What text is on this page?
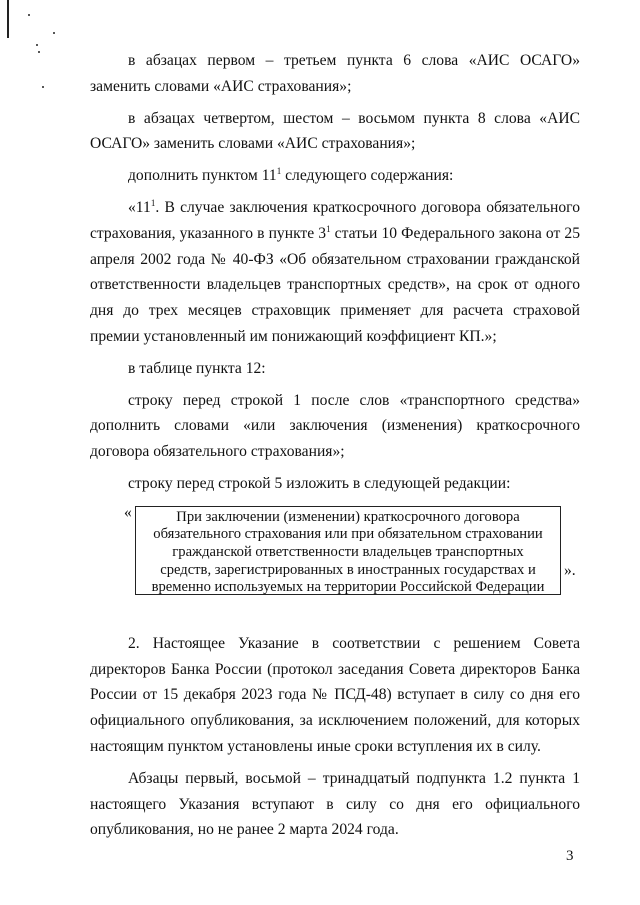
в абзацах первом – третьем пункта 6 слова «АИС ОСАГО» заменить словами «АИС страхования»;

в абзацах четвертом, шестом – восьмом пункта 8 слова «АИС ОСАГО» заменить словами «АИС страхования»;

дополнить пунктом $11^1$ следующего содержания:

«$11^1$. В случае заключения краткосрочного договора обязательного страхования, указанного в пункте $3^1$ статьи 10 Федерального закона от 25 апреля 2002 года № 40-ФЗ «Об обязательном страховании гражданской ответственности владельцев транспортных средств», на срок от одного дня до трех месяцев страховщик применяет для расчета страховой премии установленный им понижающий коэффициент КП.»;

в таблице пункта 12:

строку перед строкой 1 после слов «транспортного средства» дополнить словами «или заключения (изменения) краткосрочного договора обязательного страхования»;

строку перед строкой 5 изложить в следующей редакции:

«	При заключении (изменении) краткосрочного договора
обязательного страхования или при обязательном страховании
гражданской ответственности владельцев транспортных
средств, зарегистрированных в иностранных государствах и
временно используемых на территории Российской Федерации
».

2. Настоящее Указание в соответствии с решением Совета директоров Банка России (протокол заседания Совета директоров Банка России от 15 декабря 2023 года № ПСД-48) вступает в силу со дня его официального опубликования, за исключением положений, для которых настоящим пунктом установлены иные сроки вступления их в силу.

Абзацы первый, восьмой – тринадцатый подпункта 1.2 пункта 1 настоящего Указания вступают в силу со дня его официального опубликования, но не ранее 2 марта 2024 года.

3
